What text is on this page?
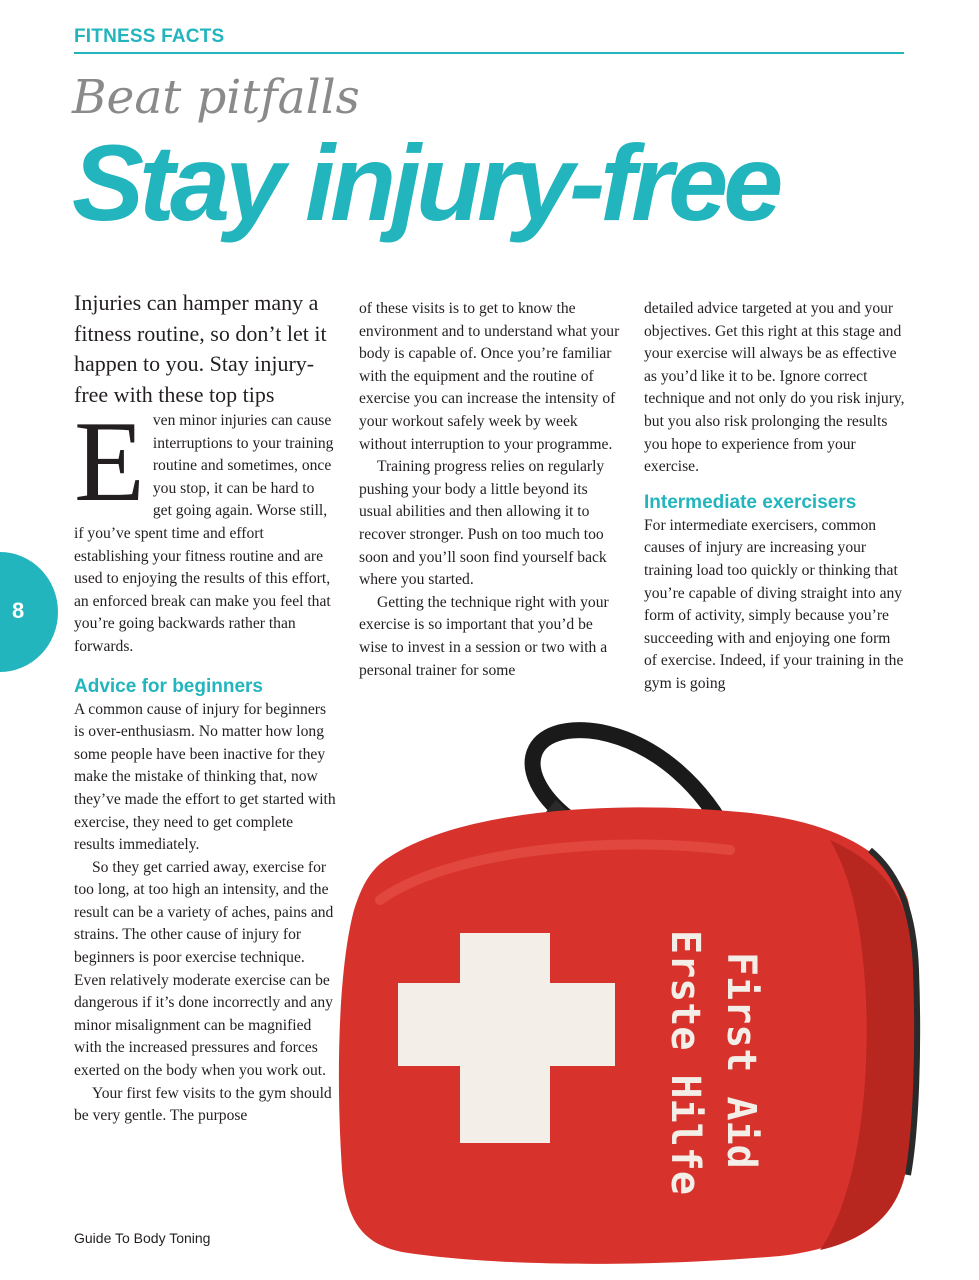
FITNESS FACTS
Beat pitfalls
Stay injury-free
8

Injuries can hamper many a fitness routine, so don’t let it happen to you. Stay injury-free with these top tips

Even minor injuries can cause interruptions to your training routine and sometimes, once you stop, it can be hard to get going again. Worse still, if you’ve spent time and effort establishing your fitness routine and are used to enjoying the results of this effort, an enforced break can make you feel that you’re going backwards rather than forwards.

Advice for beginners

A common cause of injury for beginners is over-enthusiasm. No matter how long some people have been inactive for they make the mistake of thinking that, now they’ve made the effort to get started with exercise, they need to get complete results immediately.

So they get carried away, exercise for too long, at too high an intensity, and the result can be a variety of aches, pains and strains. The other cause of injury for beginners is poor exercise technique. Even relatively moderate exercise can be dangerous if it’s done incorrectly and any minor misalignment can be magnified with the increased pressures and forces exerted on the body when you work out.

Your first few visits to the gym should be very gentle. The purpose

of these visits is to get to know the environment and to understand what your body is capable of. Once you’re familiar with the equipment and the routine of exercise you can increase the intensity of your workout safely week by week without interruption to your programme.

Training progress relies on regularly pushing your body a little beyond its usual abilities and then allowing it to recover stronger. Push on too much too soon and you’ll soon find yourself back where you started.

Getting the technique right with your exercise is so important that you’d be wise to invest in a session or two with a personal trainer for some

detailed advice targeted at you and your objectives. Get this right at this stage and your exercise will always be as effective as you’d like it to be. Ignore correct technique and not only do you risk injury, but you also risk prolonging the results you hope to experience from your exercise.

Intermediate exercisers

For intermediate exercisers, common causes of injury are increasing your training load too quickly or thinking that you’re capable of diving straight into any form of activity, simply because you’re succeeding with and enjoying one form of exercise. Indeed, if your training in the gym is going

First Aid
Erste Hilfe
Guide To Body Toning
